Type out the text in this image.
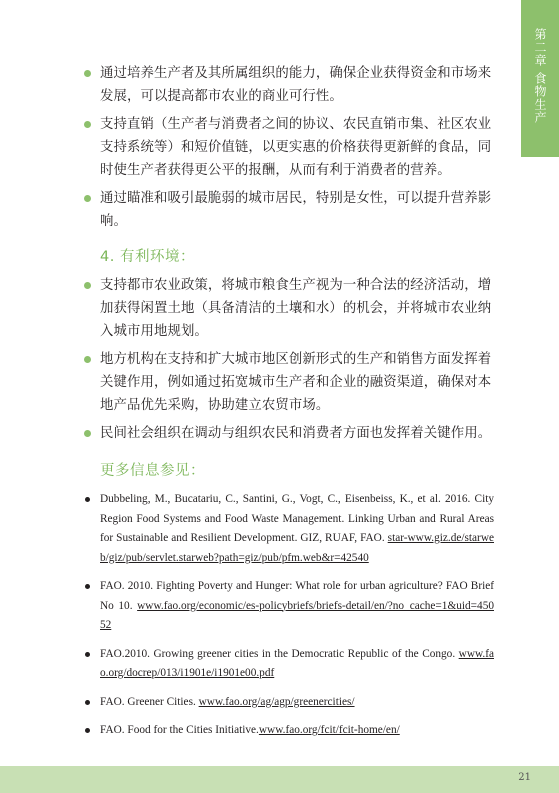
第二章 食物生产
通过培养生产者及其所属组织的能力，确保企业获得资金和市场来发展，可以提高都市农业的商业可行性。
支持直销（生产者与消费者之间的协议、农民直销市集、社区农业支持系统等）和短价值链，以更实惠的价格获得更新鲜的食品，同时使生产者获得更公平的报酬，从而有利于消费者的营养。
通过瞄准和吸引最脆弱的城市居民，特别是女性，可以提升营养影响。
4. 有利环境：
支持都市农业政策，将城市粮食生产视为一种合法的经济活动，增加获得闲置土地（具备清洁的土壤和水）的机会，并将城市农业纳入城市用地规划。
地方机构在支持和扩大城市地区创新形式的生产和销售方面发挥着关键作用，例如通过拓宽城市生产者和企业的融资渠道，确保对本地产品优先采购，协助建立农贸市场。
民间社会组织在调动与组织农民和消费者方面也发挥着关键作用。
更多信息参见：
Dubbeling, M., Bucatariu, C., Santini, G., Vogt, C., Eisenbeiss, K., et al. 2016. City Region Food Systems and Food Waste Management. Linking Urban and Rural Areas for Sustainable and Resilient Development. GIZ, RUAF, FAO. star-www.giz.de/starweb/giz/pub/servlet.starweb?path=giz/pub/pfm.web&r=42540
FAO. 2010. Fighting Poverty and Hunger: What role for urban agriculture? FAO Brief No 10. www.fao.org/economic/es-policybriefs/briefs-detail/en/?no_cache=1&uid=45052
FAO.2010. Growing greener cities in the Democratic Republic of the Congo. www.fao.org/docrep/013/i1901e/i1901e00.pdf
FAO. Greener Cities. www.fao.org/ag/agp/greenercities/
FAO. Food for the Cities Initiative.www.fao.org/fcit/fcit-home/en/
21
